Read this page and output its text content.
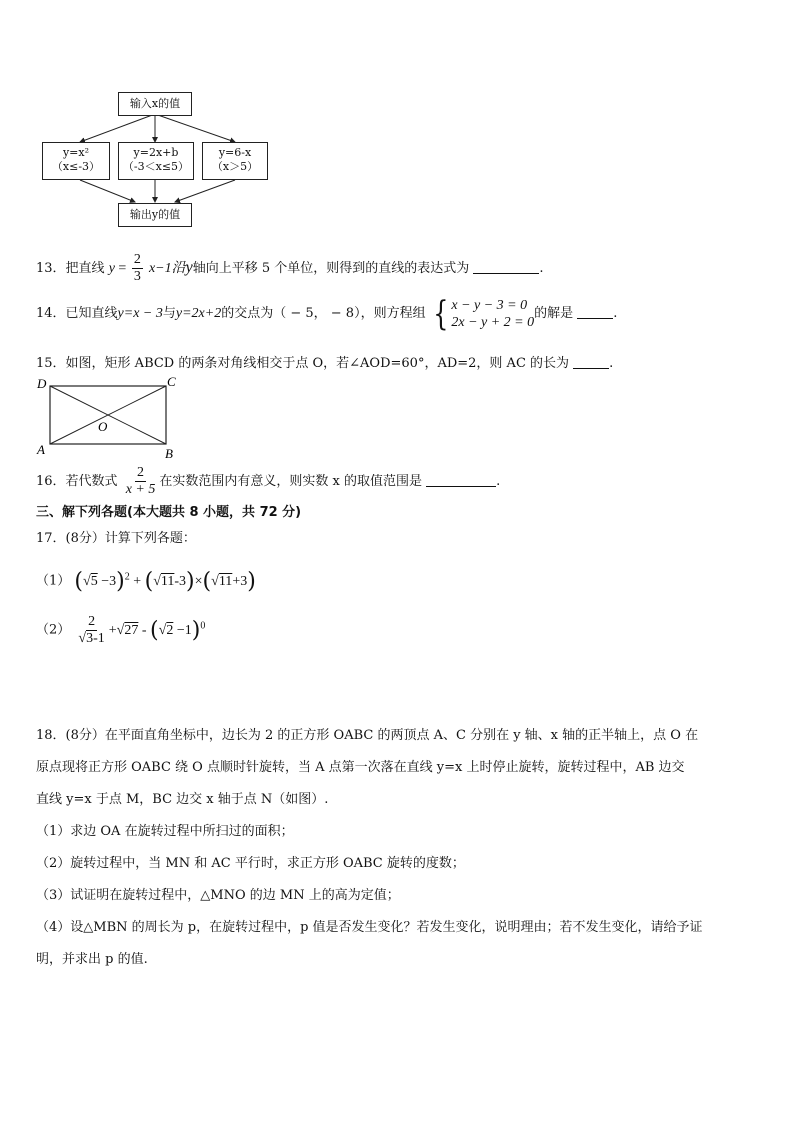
输入x的值
y=x²
（x≤-3）
y=2x+b
（-3＜x≤5）
y=6-x
（x＞5）
输出y的值
13．把直线 $y = \frac{2}{3} x-1$沿y轴向上平移 5 个单位，则得到的直线的表达式为	.
14．已知直线y=x − 3与y=2x+2的交点为（ − 5， − 8），则方程组 { x − y − 3 = 0
2x − y + 2 = 0
的解是	.
15．如图，矩形 ABCD 的两条对角线相交于点 O，若∠AOD=60°，AD=2，则 AC 的长为	.
D	C
A	B
O
16．若代数式 $\frac{2}{x + 5}$ 在实数范围内有意义，则实数 x 的取值范围是	.
三、解下列各题(本大题共 8 小题，共 72 分)
17．(8分）计算下列各题：
（1） $(√5 -3)^2 + (√11-3)\times(√11+3)$
$(2) \frac{2}{√3-1} +√27 - (√2 -1)^0$

18．(8分）在平面直角坐标中，边长为 2 的正方形 OABC 的两顶点 A、C 分别在 y 轴、x 轴的正半轴上，点 O 在

原点现将正方形 OABC 绕 O 点顺时针旋转，当 A 点第一次落在直线 y=x 上时停止旋转，旋转过程中，AB 边交

直线 y=x 于点 M，BC 边交 x 轴于点 N（如图）.

（1）求边 OA 在旋转过程中所扫过的面积；

（2）旋转过程中，当 MN 和 AC 平行时，求正方形 OABC 旋转的度数；

（3）试证明在旋转过程中，△MNO 的边 MN 上的高为定值；

（4）设△MBN 的周长为 p，在旋转过程中，p 值是否发生变化？若发生变化，说明理由；若不发生变化，请给予证

明，并求出 p 的值.
